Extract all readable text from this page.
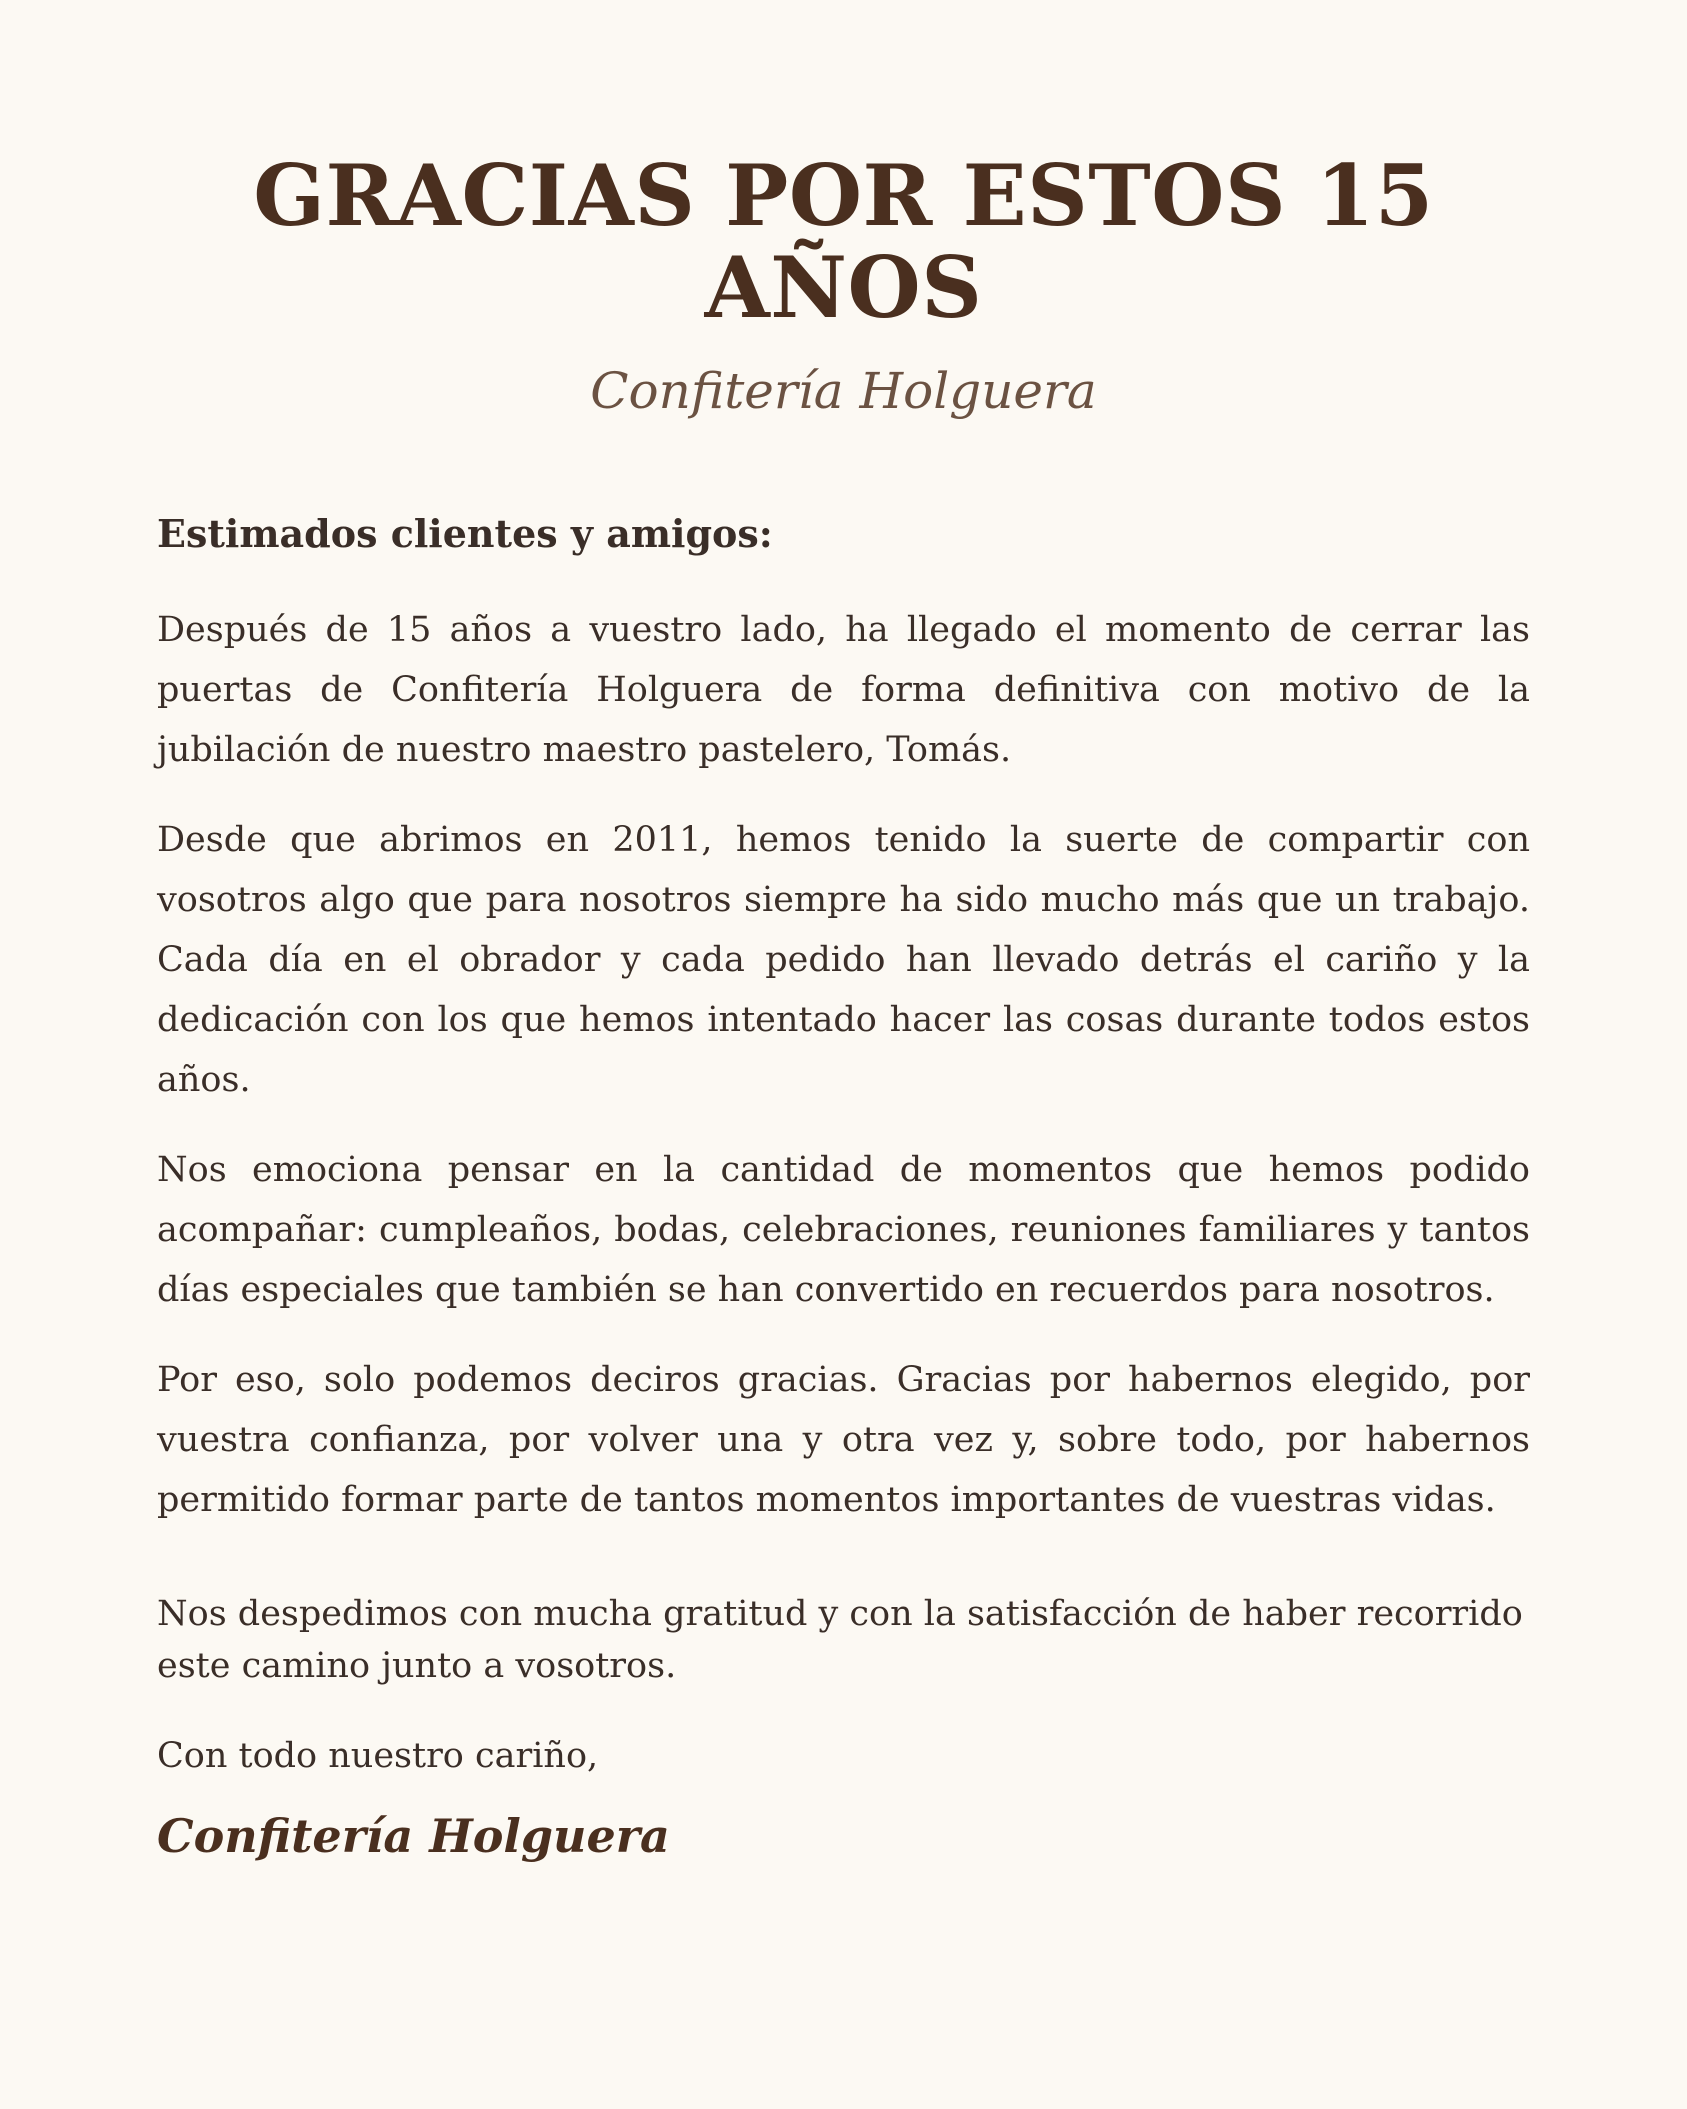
GRACIAS POR ESTOS 15 AÑOS
Confitería Holguera
Estimados clientes y amigos:

Después de 15 años a vuestro lado, ha llegado el momento de cerrar las puertas de Confitería Holguera de forma definitiva con motivo de la jubilación de nuestro maestro pastelero, Tomás.

Desde que abrimos en 2011, hemos tenido la suerte de compartir con vosotros algo que para nosotros siempre ha sido mucho más que un trabajo. Cada día en el obrador y cada pedido han llevado detrás el cariño y la dedicación con los que hemos intentado hacer las cosas durante todos estos años.

Nos emociona pensar en la cantidad de momentos que hemos podido acompañar: cumpleaños, bodas, celebraciones, reuniones familiares y tantos días especiales que también se han convertido en recuerdos para nosotros.

Por eso, solo podemos deciros gracias. Gracias por habernos elegido, por vuestra confianza, por volver una y otra vez y, sobre todo, por habernos permitido formar parte de tantos momentos importantes de vuestras vidas.

Nos despedimos con mucha gratitud y con la satisfacción de haber recorrido este camino junto a vosotros.

Con todo nuestro cariño,
Confitería Holguera
